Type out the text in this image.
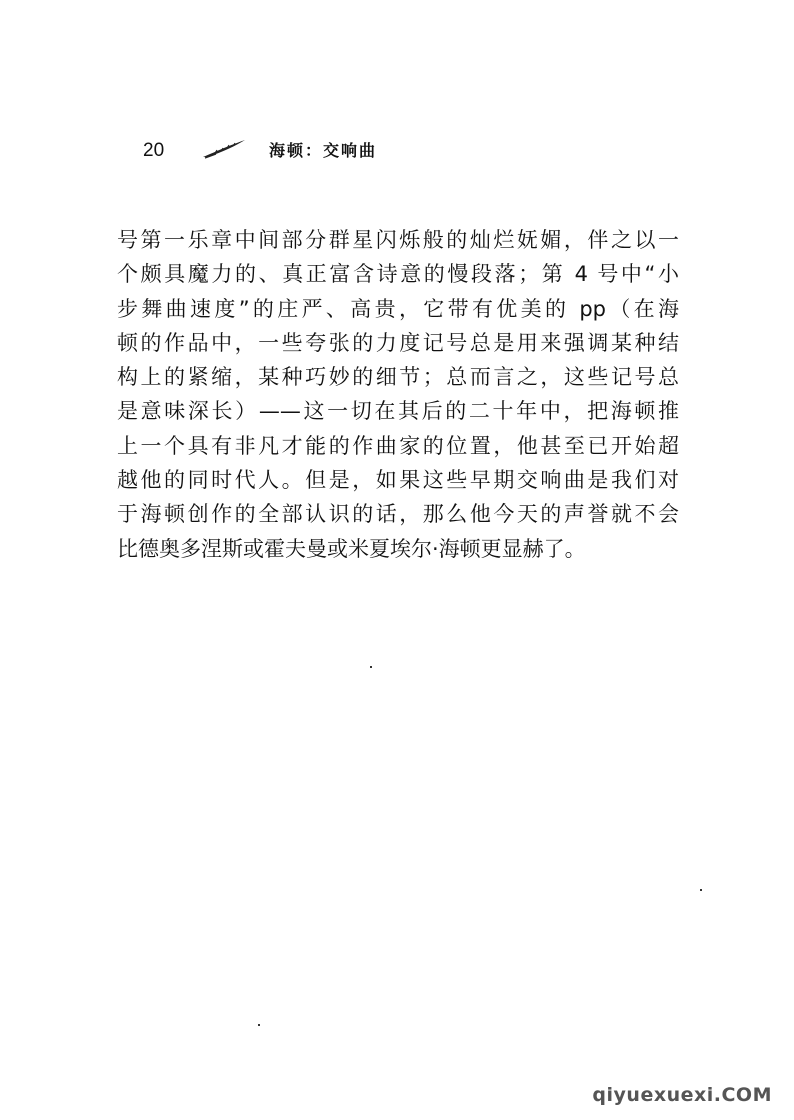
20	海顿：交响曲
号第一乐章中间部分群星闪烁般的灿烂妩媚，伴之以一
个颇具魔力的、真正富含诗意的慢段落；第 4 号中“小
步舞曲速度”的庄严、高贵，它带有优美的 pp（在海
顿的作品中，一些夸张的力度记号总是用来强调某种结
构上的紧缩，某种巧妙的细节；总而言之，这些记号总
是意味深长）——这一切在其后的二十年中，把海顿推
上一个具有非凡才能的作曲家的位置，他甚至已开始超
越他的同时代人。但是，如果这些早期交响曲是我们对
于海顿创作的全部认识的话，那么他今天的声誉就不会
比德奥多涅斯或霍夫曼或米夏埃尔·海顿更显赫了。
qiyuexuexi.COM
